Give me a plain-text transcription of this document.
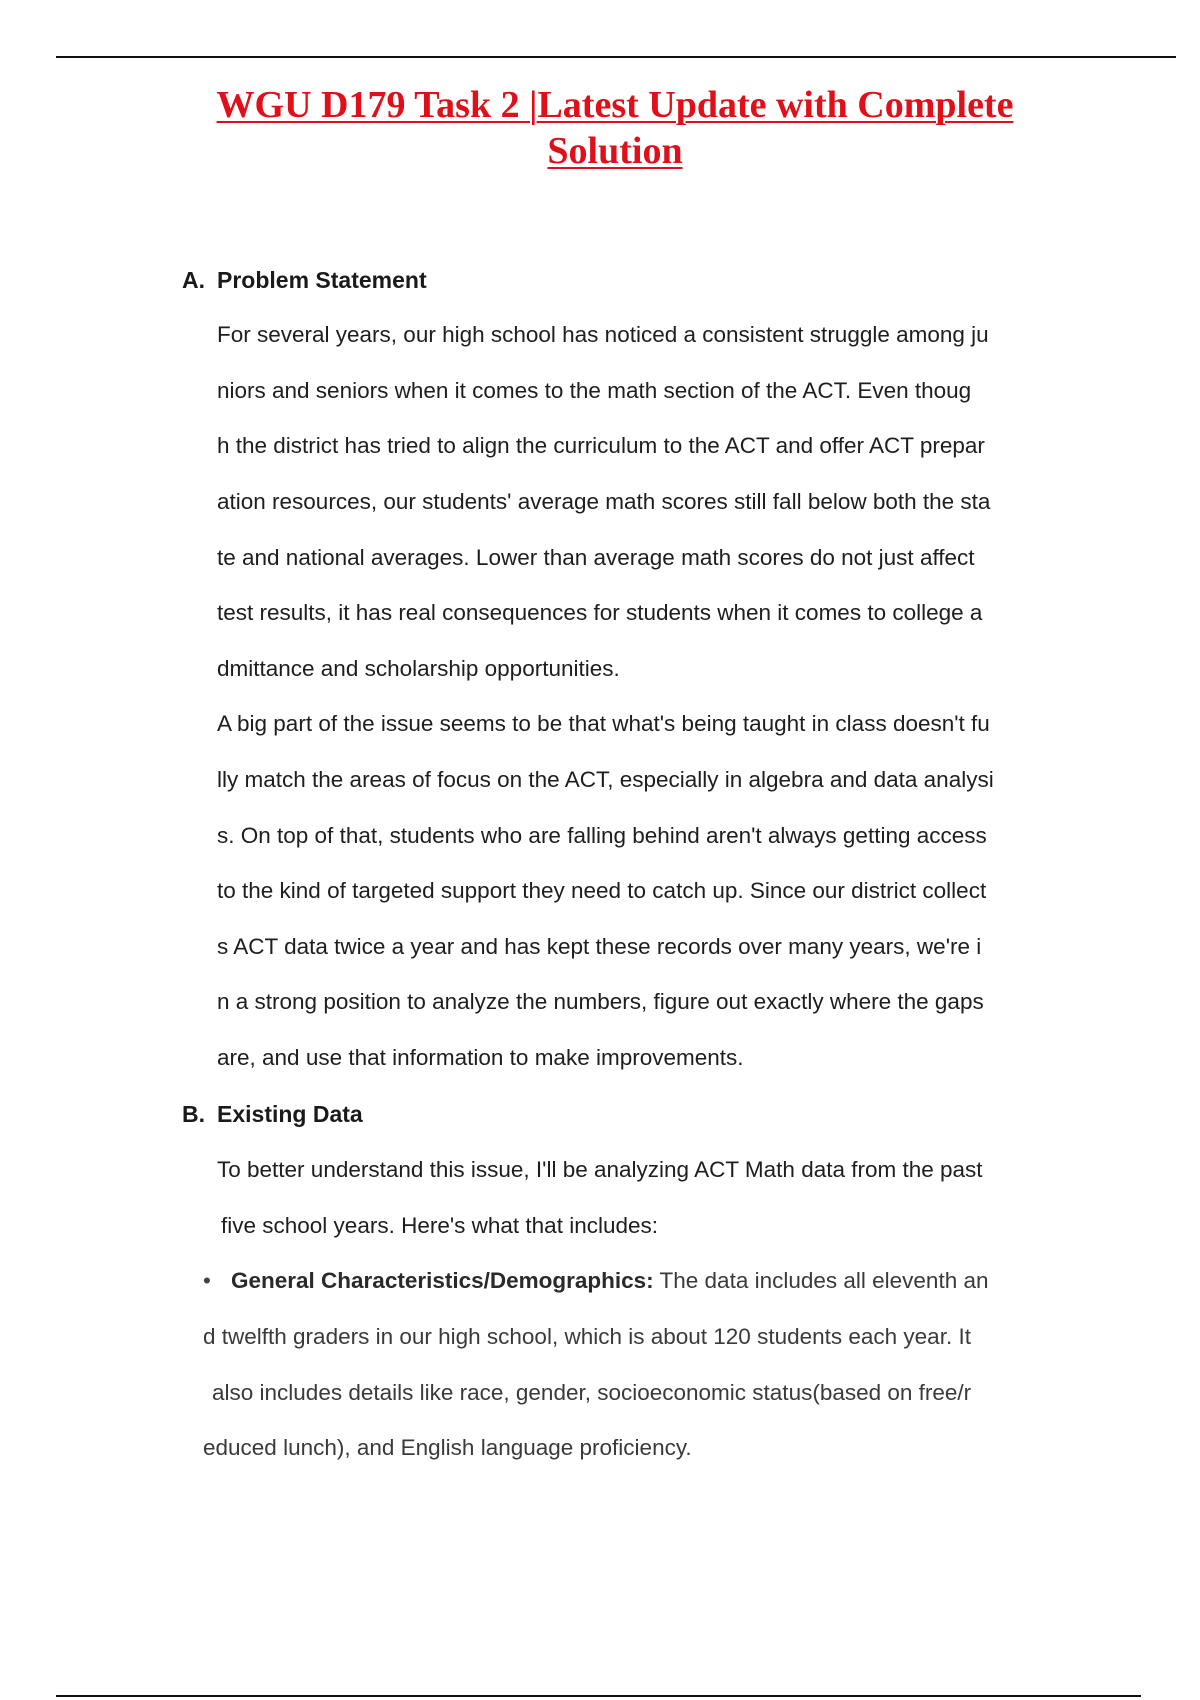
WGU D179 Task 2 |Latest Update with Complete
Solution
A. Problem Statement
For several years, our high school has noticed a consistent struggle among ju
niors and seniors when it comes to the math section of the ACT. Even thoug
h the district has tried to align the curriculum to the ACT and offer ACT prepar
ation resources, our students' average math scores still fall below both the sta
te and national averages. Lower than average math scores do not just affect
test results, it has real consequences for students when it comes to college a
dmittance and scholarship opportunities.
A big part of the issue seems to be that what's being taught in class doesn't fu
lly match the areas of focus on the ACT, especially in algebra and data analysi
s. On top of that, students who are falling behind aren't always getting access
to the kind of targeted support they need to catch up. Since our district collect
s ACT data twice a year and has kept these records over many years, we're i
n a strong position to analyze the numbers, figure out exactly where the gaps
are, and use that information to make improvements.
B. Existing Data
To better understand this issue, I'll be analyzing ACT Math data from the past
five school years. Here's what that includes:
• General Characteristics/Demographics: The data includes all eleventh an
d twelfth graders in our high school, which is about 120 students each year. It
also includes details like race, gender, socioeconomic status(based on free/r
educed lunch), and English language proficiency.
